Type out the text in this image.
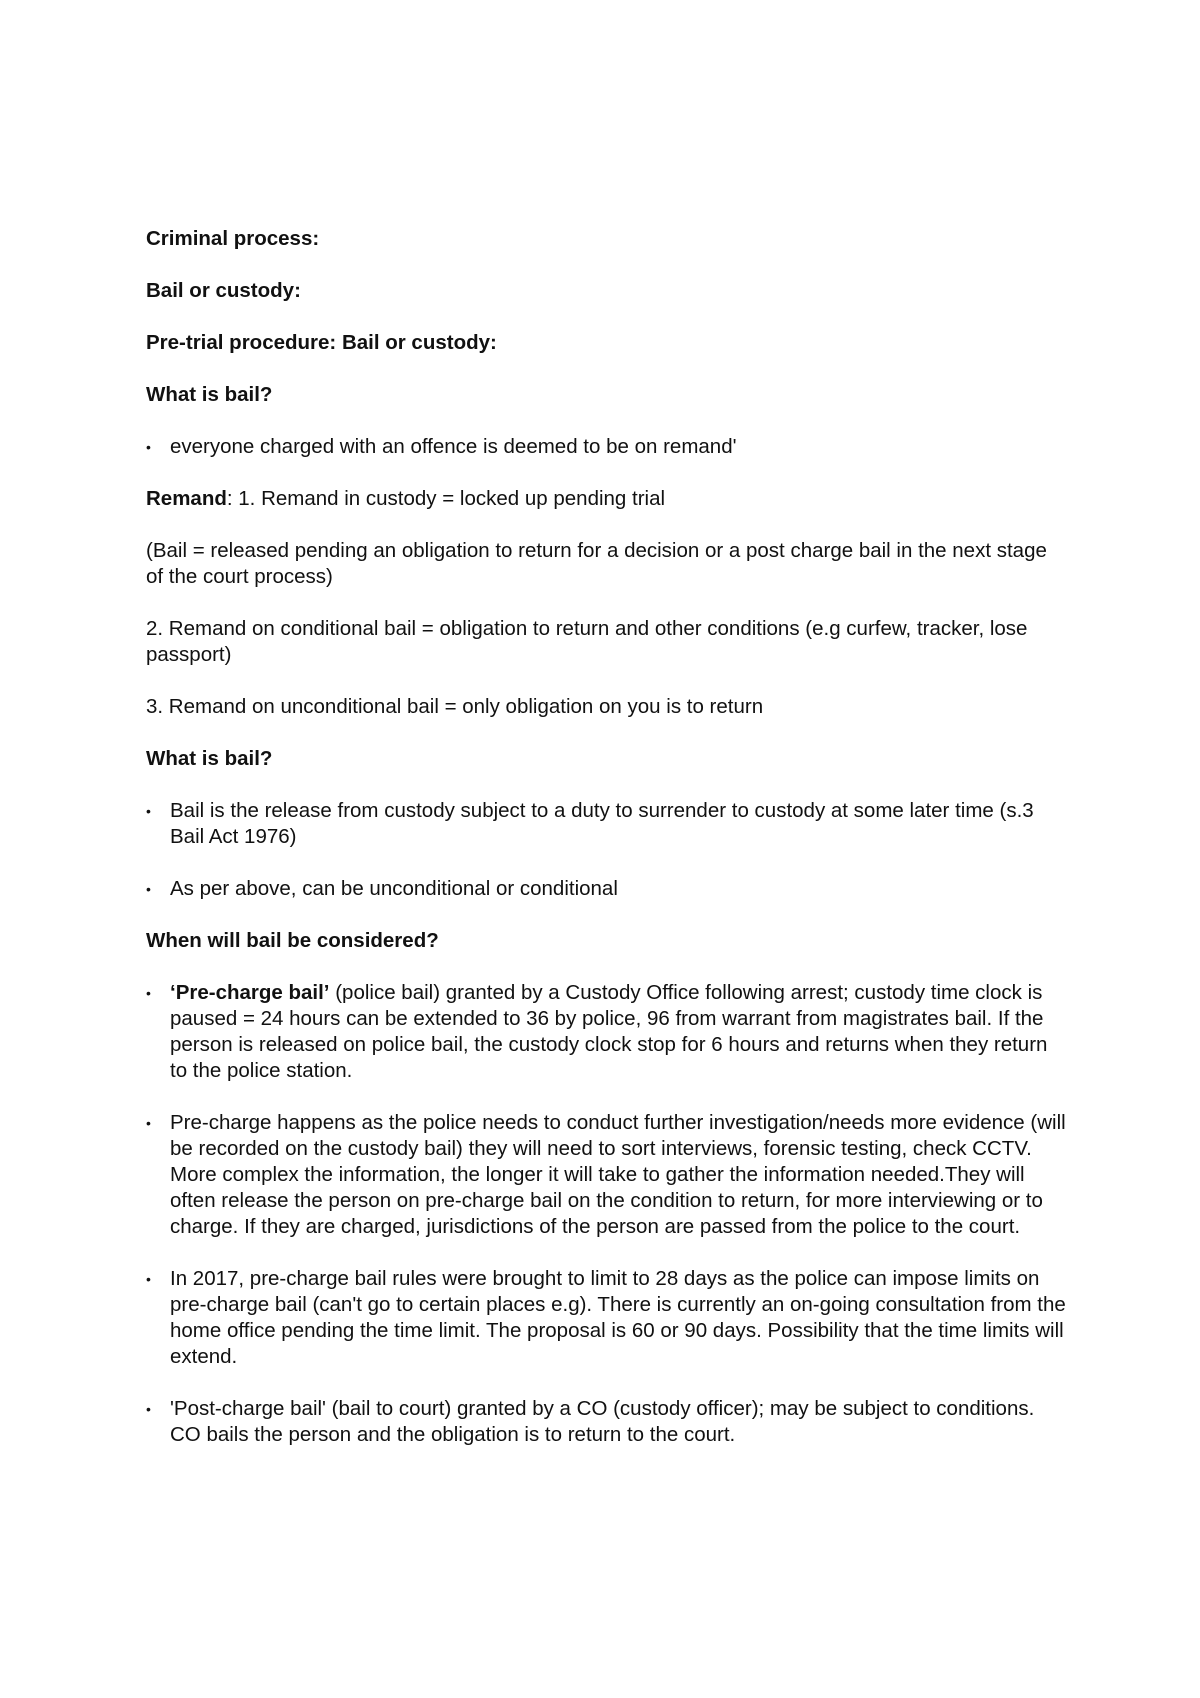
Criminal process:

Bail or custody:

Pre-trial procedure: Bail or custody:

What is bail?

• everyone charged with an offence is deemed to be on remand'

Remand: 1. Remand in custody = locked up pending trial

(Bail = released pending an obligation to return for a decision or a post charge bail in the next stage of the court process)

2. Remand on conditional bail = obligation to return and other conditions (e.g curfew, tracker, lose passport)

3. Remand on unconditional bail = only obligation on you is to return

What is bail?

• Bail is the release from custody subject to a duty to surrender to custody at some later time (s.3 Bail Act 1976)
• As per above, can be unconditional or conditional

When will bail be considered?

• ‘Pre-charge bail’ (police bail) granted by a Custody Office following arrest; custody time clock is paused = 24 hours can be extended to 36 by police, 96 from warrant from magistrates bail. If the person is released on police bail, the custody clock stop for 6 hours and returns when they return to the police station.
• Pre-charge happens as the police needs to conduct further investigation/needs more evidence (will be recorded on the custody bail) they will need to sort interviews, forensic testing, check CCTV. More complex the information, the longer it will take to gather the information needed.They will often release the person on pre-charge bail on the condition to return, for more interviewing or to charge. If they are charged, jurisdictions of the person are passed from the police to the court.
• In 2017, pre-charge bail rules were brought to limit to 28 days as the police can impose limits on pre-charge bail (can't go to certain places e.g). There is currently an on-going consultation from the home office pending the time limit. The proposal is 60 or 90 days. Possibility that the time limits will extend.
• 'Post-charge bail' (bail to court) granted by a CO (custody officer); may be subject to conditions. CO bails the person and the obligation is to return to the court.
